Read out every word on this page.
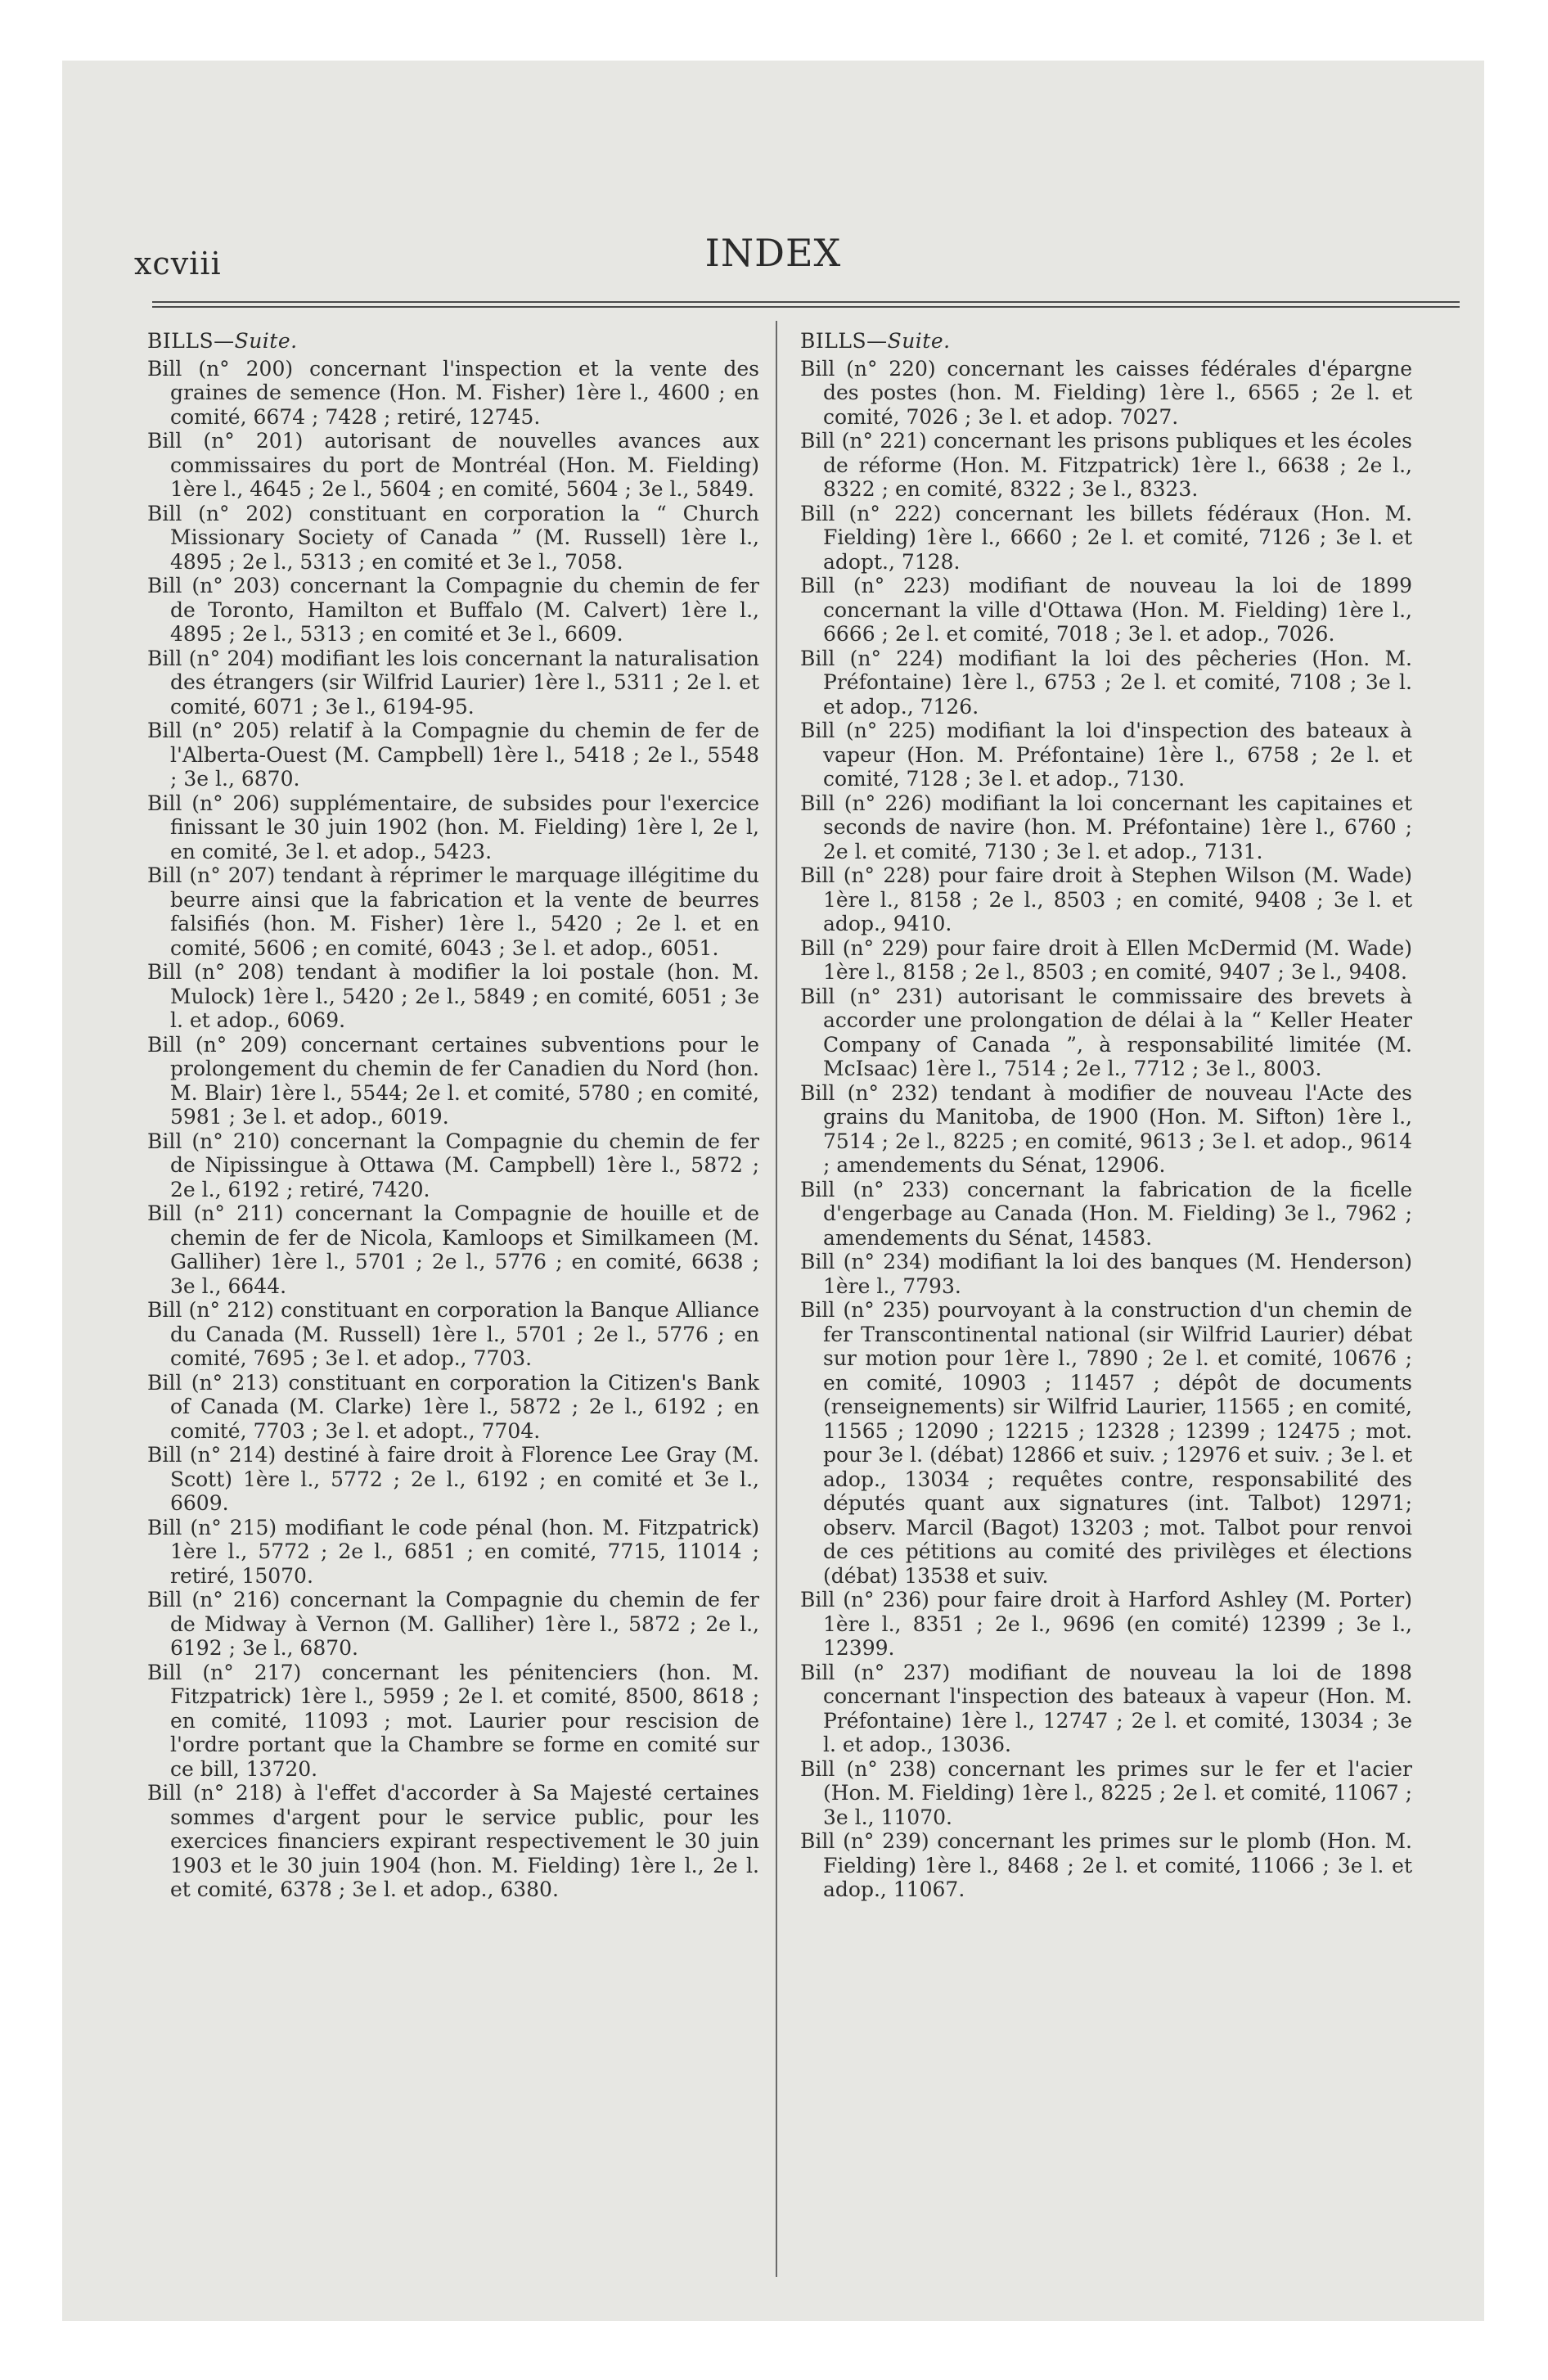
xcviii	INDEX

BILLS—Suite.

Bill (n° 200) concernant l'inspection et la vente des graines de semence (Hon. M. Fisher) 1ère l., 4600 ; en comité, 6674 ; 7428 ; retiré, 12745.

Bill (n° 201) autorisant de nouvelles avances aux commissaires du port de Montréal (Hon. M. Fielding) 1ère l., 4645 ; 2e l., 5604 ; en comité, 5604 ; 3e l., 5849.

Bill (n° 202) constituant en corporation la “ Church Missionary Society of Canada ” (M. Russell) 1ère l., 4895 ; 2e l., 5313 ; en comité et 3e l., 7058.

Bill (n° 203) concernant la Compagnie du chemin de fer de Toronto, Hamilton et Buffalo (M. Calvert) 1ère l., 4895 ; 2e l., 5313 ; en comité et 3e l., 6609.

Bill (n° 204) modifiant les lois concernant la naturalisation des étrangers (sir Wilfrid Laurier) 1ère l., 5311 ; 2e l. et comité, 6071 ; 3e l., 6194-95.

Bill (n° 205) relatif à la Compagnie du chemin de fer de l'Alberta-Ouest (M. Campbell) 1ère l., 5418 ; 2e l., 5548 ; 3e l., 6870.

Bill (n° 206) supplémentaire, de subsides pour l'exercice finissant le 30 juin 1902 (hon. M. Fielding) 1ère l, 2e l, en comité, 3e l. et adop., 5423.

Bill (n° 207) tendant à réprimer le marquage illégitime du beurre ainsi que la fabrication et la vente de beurres falsifiés (hon. M. Fisher) 1ère l., 5420 ; 2e l. et en comité, 5606 ; en comité, 6043 ; 3e l. et adop., 6051.

Bill (n° 208) tendant à modifier la loi postale (hon. M. Mulock) 1ère l., 5420 ; 2e l., 5849 ; en comité, 6051 ; 3e l. et adop., 6069.

Bill (n° 209) concernant certaines subventions pour le prolongement du chemin de fer Canadien du Nord (hon. M. Blair) 1ère l., 5544; 2e l. et comité, 5780 ; en comité, 5981 ; 3e l. et adop., 6019.

Bill (n° 210) concernant la Compagnie du chemin de fer de Nipissingue à Ottawa (M. Campbell) 1ère l., 5872 ; 2e l., 6192 ; retiré, 7420.

Bill (n° 211) concernant la Compagnie de houille et de chemin de fer de Nicola, Kamloops et Similkameen (M. Galliher) 1ère l., 5701 ; 2e l., 5776 ; en comité, 6638 ; 3e l., 6644.

Bill (n° 212) constituant en corporation la Banque Alliance du Canada (M. Russell) 1ère l., 5701 ; 2e l., 5776 ; en comité, 7695 ; 3e l. et adop., 7703.

Bill (n° 213) constituant en corporation la Citizen's Bank of Canada (M. Clarke) 1ère l., 5872 ; 2e l., 6192 ; en comité, 7703 ; 3e l. et adopt., 7704.

Bill (n° 214) destiné à faire droit à Florence Lee Gray (M. Scott) 1ère l., 5772 ; 2e l., 6192 ; en comité et 3e l., 6609.

Bill (n° 215) modifiant le code pénal (hon. M. Fitzpatrick) 1ère l., 5772 ; 2e l., 6851 ; en comité, 7715, 11014 ; retiré, 15070.

Bill (n° 216) concernant la Compagnie du chemin de fer de Midway à Vernon (M. Galliher) 1ère l., 5872 ; 2e l., 6192 ; 3e l., 6870.

Bill (n° 217) concernant les pénitenciers (hon. M. Fitzpatrick) 1ère l., 5959 ; 2e l. et comité, 8500, 8618 ; en comité, 11093 ; mot. Laurier pour rescision de l'ordre portant que la Chambre se forme en comité sur ce bill, 13720.

Bill (n° 218) à l'effet d'accorder à Sa Majesté certaines sommes d'argent pour le service public, pour les exercices financiers expirant respectivement le 30 juin 1903 et le 30 juin 1904 (hon. M. Fielding) 1ère l., 2e l. et comité, 6378 ; 3e l. et adop., 6380.

BILLS—Suite.

Bill (n° 220) concernant les caisses fédérales d'épargne des postes (hon. M. Fielding) 1ère l., 6565 ; 2e l. et comité, 7026 ; 3e l. et adop. 7027.

Bill (n° 221) concernant les prisons publiques et les écoles de réforme (Hon. M. Fitzpatrick) 1ère l., 6638 ; 2e l., 8322 ; en comité, 8322 ; 3e l., 8323.

Bill (n° 222) concernant les billets fédéraux (Hon. M. Fielding) 1ère l., 6660 ; 2e l. et comité, 7126 ; 3e l. et adopt., 7128.

Bill (n° 223) modifiant de nouveau la loi de 1899 concernant la ville d'Ottawa (Hon. M. Fielding) 1ère l., 6666 ; 2e l. et comité, 7018 ; 3e l. et adop., 7026.

Bill (n° 224) modifiant la loi des pêcheries (Hon. M. Préfontaine) 1ère l., 6753 ; 2e l. et comité, 7108 ; 3e l. et adop., 7126.

Bill (n° 225) modifiant la loi d'inspection des bateaux à vapeur (Hon. M. Préfontaine) 1ère l., 6758 ; 2e l. et comité, 7128 ; 3e l. et adop., 7130.

Bill (n° 226) modifiant la loi concernant les capitaines et seconds de navire (hon. M. Préfontaine) 1ère l., 6760 ; 2e l. et comité, 7130 ; 3e l. et adop., 7131.

Bill (n° 228) pour faire droit à Stephen Wilson (M. Wade) 1ère l., 8158 ; 2e l., 8503 ; en comité, 9408 ; 3e l. et adop., 9410.

Bill (n° 229) pour faire droit à Ellen McDermid (M. Wade) 1ère l., 8158 ; 2e l., 8503 ; en comité, 9407 ; 3e l., 9408.

Bill (n° 231) autorisant le commissaire des brevets à accorder une prolongation de délai à la “ Keller Heater Company of Canada ”, à responsabilité limitée (M. McIsaac) 1ère l., 7514 ; 2e l., 7712 ; 3e l., 8003.

Bill (n° 232) tendant à modifier de nouveau l'Acte des grains du Manitoba, de 1900 (Hon. M. Sifton) 1ère l., 7514 ; 2e l., 8225 ; en comité, 9613 ; 3e l. et adop., 9614 ; amendements du Sénat, 12906.

Bill (n° 233) concernant la fabrication de la ficelle d'engerbage au Canada (Hon. M. Fielding) 3e l., 7962 ; amendements du Sénat, 14583.

Bill (n° 234) modifiant la loi des banques (M. Henderson) 1ère l., 7793.

Bill (n° 235) pourvoyant à la construction d'un chemin de fer Transcontinental national (sir Wilfrid Laurier) débat sur motion pour 1ère l., 7890 ; 2e l. et comité, 10676 ; en comité, 10903 ; 11457 ; dépôt de documents (renseignements) sir Wilfrid Laurier, 11565 ; en comité, 11565 ; 12090 ; 12215 ; 12328 ; 12399 ; 12475 ; mot. pour 3e l. (débat) 12866 et suiv. ; 12976 et suiv. ; 3e l. et adop., 13034 ; requêtes contre, responsabilité des députés quant aux signatures (int. Talbot) 12971; observ. Marcil (Bagot) 13203 ; mot. Talbot pour renvoi de ces pétitions au comité des privilèges et élections (débat) 13538 et suiv.

Bill (n° 236) pour faire droit à Harford Ashley (M. Porter) 1ère l., 8351 ; 2e l., 9696 (en comité) 12399 ; 3e l., 12399.

Bill (n° 237) modifiant de nouveau la loi de 1898 concernant l'inspection des bateaux à vapeur (Hon. M. Préfontaine) 1ère l., 12747 ; 2e l. et comité, 13034 ; 3e l. et adop., 13036.

Bill (n° 238) concernant les primes sur le fer et l'acier (Hon. M. Fielding) 1ère l., 8225 ; 2e l. et comité, 11067 ; 3e l., 11070.

Bill (n° 239) concernant les primes sur le plomb (Hon. M. Fielding) 1ère l., 8468 ; 2e l. et comité, 11066 ; 3e l. et adop., 11067.
